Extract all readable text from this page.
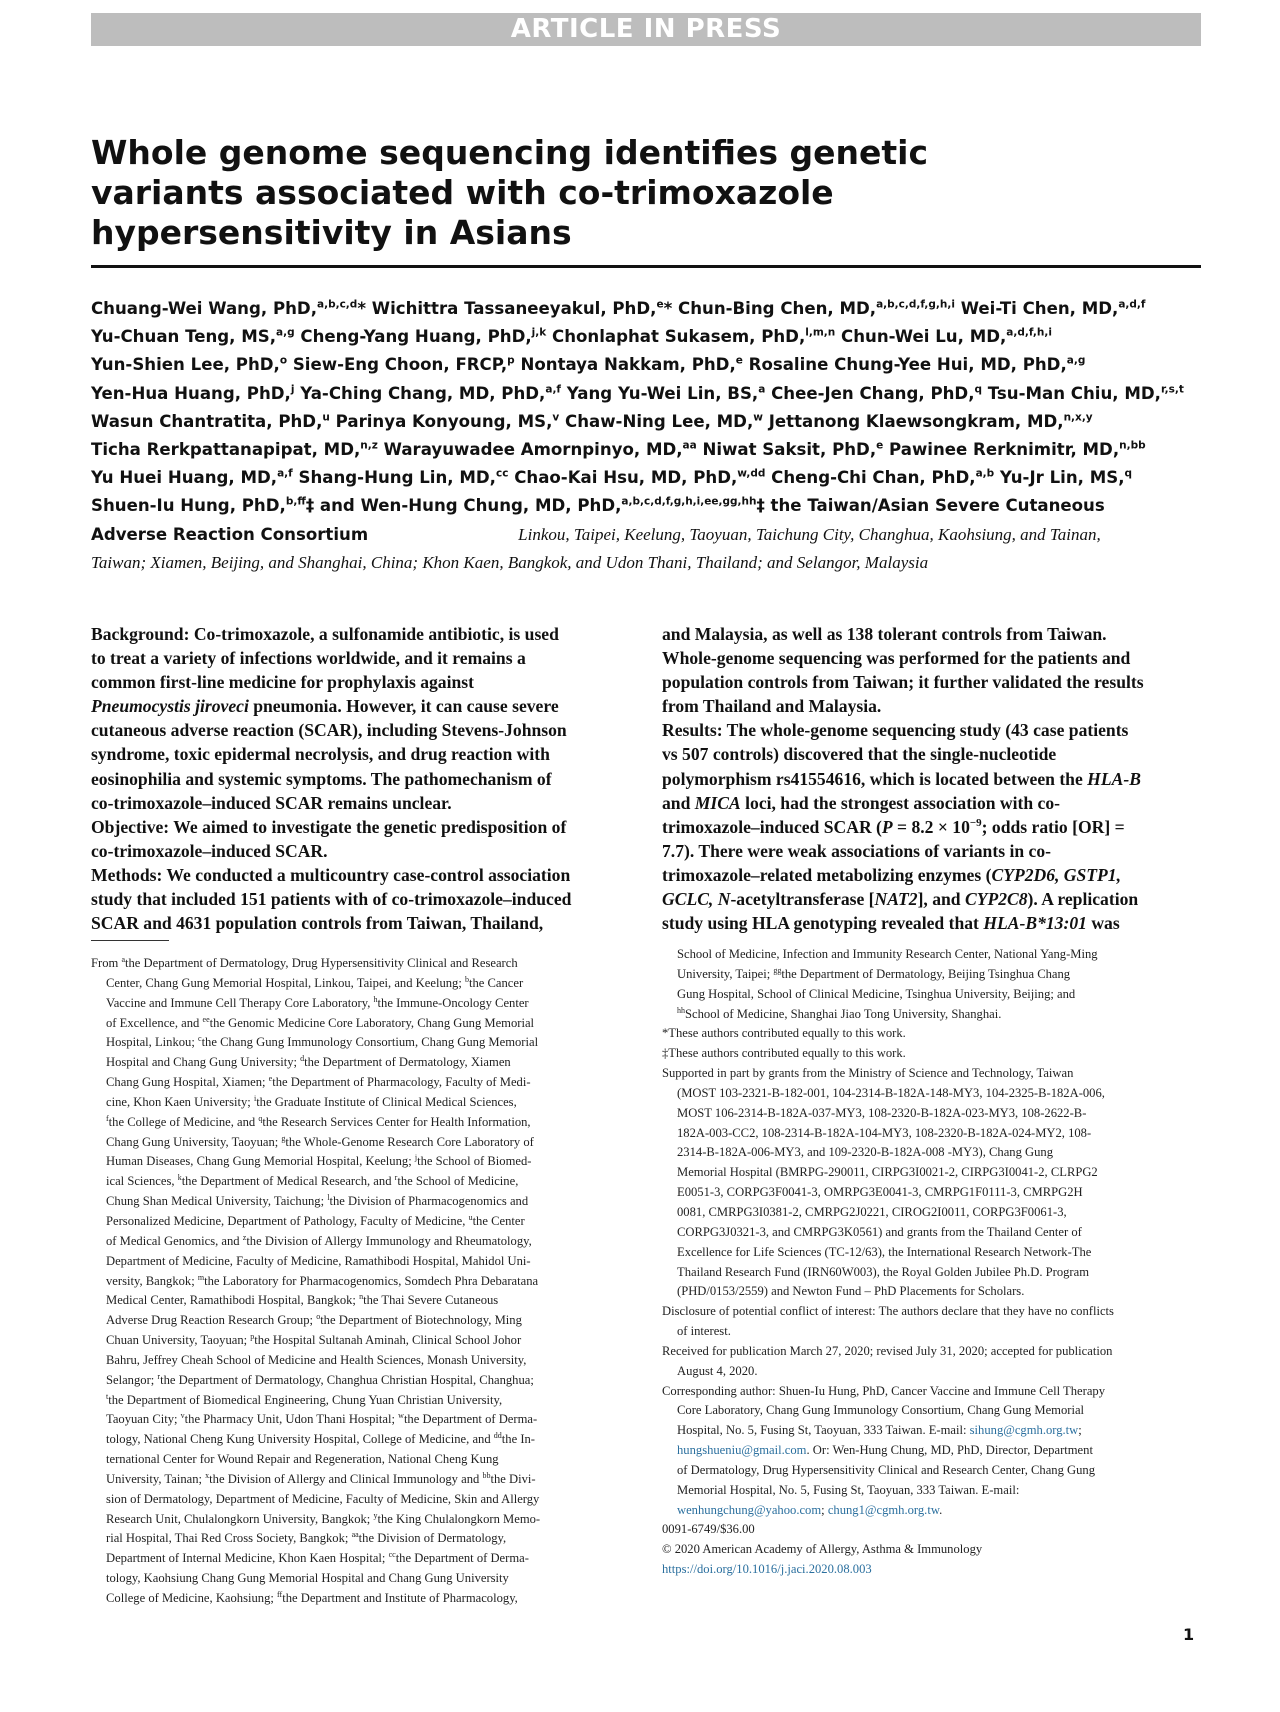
ARTICLE IN PRESS
Whole genome sequencing identifies genetic
variants associated with co-trimoxazole
hypersensitivity in Asians
Chuang-Wei Wang, PhD,$^{a,b,c,d}$* Wichittra Tassaneeyakul, PhD,$^e$* Chun-Bing Chen, MD,$^{a,b,c,d,f,g,h,i}$ Wei-Ti Chen, MD,$^{a,d,f}$
Yu-Chuan Teng, MS,$^{a,g}$ Cheng-Yang Huang, PhD,$^{j,k}$ Chonlaphat Sukasem, PhD,$^{l,m,n}$ Chun-Wei Lu, MD,$^{a,d,f,h,i}$
Yun-Shien Lee, PhD,$^o$ Siew-Eng Choon, FRCP,$^p$ Nontaya Nakkam, PhD,$^e$ Rosaline Chung-Yee Hui, MD, PhD,$^{a,g}$
Yen-Hua Huang, PhD,$^j$ Ya-Ching Chang, MD, PhD,$^{a,f}$ Yang Yu-Wei Lin, BS,$^a$ Chee-Jen Chang, PhD,$^q$ Tsu-Man Chiu, MD,$^{r,s,t}$
Wasun Chantratita, PhD,$^u$ Parinya Konyoung, MS,$^v$ Chaw-Ning Lee, MD,$^w$ Jettanong Klaewsongkram, MD,$^{n,x,y}$
Ticha Rerkpattanapipat, MD,$^{n,z}$ Warayuwadee Amornpinyo, MD,$^{aa}$ Niwat Saksit, PhD,$^e$ Pawinee Rerknimitr, MD,$^{n,bb}$
Yu Huei Huang, MD,$^{a,f}$ Shang-Hung Lin, MD,$^{cc}$ Chao-Kai Hsu, MD, PhD,$^{w,dd}$ Cheng-Chi Chan, PhD,$^{a,b}$ Yu-Jr Lin, MS,$^q$
Shuen-Iu Hung, PhD,$^{b,ff}$‡ and Wen-Hung Chung, MD, PhD,$^{a,b,c,d,f,g,h,i,ee,gg,hh}$‡ the Taiwan/Asian Severe Cutaneous
Adverse Reaction Consortium	Linkou, Taipei, Keelung, Taoyuan, Taichung City, Changhua, Kaohsiung, and Tainan,
Taiwan; Xiamen, Beijing, and Shanghai, China; Khon Kaen, Bangkok, and Udon Thani, Thailand; and Selangor, Malaysia
Background: Co-trimoxazole, a sulfonamide antibiotic, is used
to treat a variety of infections worldwide, and it remains a
common first-line medicine for prophylaxis against
Pneumocystis jiroveci pneumonia. However, it can cause severe
cutaneous adverse reaction (SCAR), including Stevens-Johnson
syndrome, toxic epidermal necrolysis, and drug reaction with
eosinophilia and systemic symptoms. The pathomechanism of
co-trimoxazole–induced SCAR remains unclear.
Objective: We aimed to investigate the genetic predisposition of
co-trimoxazole–induced SCAR.
Methods: We conducted a multicountry case-control association
study that included 151 patients with of co-trimoxazole–induced
SCAR and 4631 population controls from Taiwan, Thailand,
and Malaysia, as well as 138 tolerant controls from Taiwan.
Whole-genome sequencing was performed for the patients and
population controls from Taiwan; it further validated the results
from Thailand and Malaysia.
Results: The whole-genome sequencing study (43 case patients
vs 507 controls) discovered that the single-nucleotide
polymorphism rs41554616, which is located between the HLA-B
and MICA loci, had the strongest association with co-
trimoxazole–induced SCAR ($P = 8.2 \times 10^{-9}$; odds ratio [OR] =
7.7). There were weak associations of variants in co-
trimoxazole–related metabolizing enzymes (CYP2D6, GSTP1,
GCLC, N-acetyltransferase [NAT2], and CYP2C8). A replication
study using HLA genotyping revealed that HLA-B*13:01 was
From $^a$the Department of Dermatology, Drug Hypersensitivity Clinical and Research
Center, Chang Gung Memorial Hospital, Linkou, Taipei, and Keelung; $^b$the Cancer
Vaccine and Immune Cell Therapy Core Laboratory, $^h$the Immune-Oncology Center
of Excellence, and $^{ee}$the Genomic Medicine Core Laboratory, Chang Gung Memorial
Hospital, Linkou; $^c$the Chang Gung Immunology Consortium, Chang Gung Memorial
Hospital and Chang Gung University; $^d$the Department of Dermatology, Xiamen
Chang Gung Hospital, Xiamen; $^e$the Department of Pharmacology, Faculty of Medi-
cine, Khon Kaen University; $^i$the Graduate Institute of Clinical Medical Sciences,
$^f$the College of Medicine, and $^q$the Research Services Center for Health Information,
Chang Gung University, Taoyuan; $^g$the Whole-Genome Research Core Laboratory of
Human Diseases, Chang Gung Memorial Hospital, Keelung; $^j$the School of Biomed-
ical Sciences, $^k$the Department of Medical Research, and $^r$the School of Medicine,
Chung Shan Medical University, Taichung; $^l$the Division of Pharmacogenomics and
Personalized Medicine, Department of Pathology, Faculty of Medicine, $^u$the Center
of Medical Genomics, and $^z$the Division of Allergy Immunology and Rheumatology,
Department of Medicine, Faculty of Medicine, Ramathibodi Hospital, Mahidol Uni-
versity, Bangkok; $^m$the Laboratory for Pharmacogenomics, Somdech Phra Debaratana
Medical Center, Ramathibodi Hospital, Bangkok; $^n$the Thai Severe Cutaneous
Adverse Drug Reaction Research Group; $^o$the Department of Biotechnology, Ming
Chuan University, Taoyuan; $^p$the Hospital Sultanah Aminah, Clinical School Johor
Bahru, Jeffrey Cheah School of Medicine and Health Sciences, Monash University,
Selangor; $^r$the Department of Dermatology, Changhua Christian Hospital, Changhua;
$^t$the Department of Biomedical Engineering, Chung Yuan Christian University,
Taoyuan City; $^v$the Pharmacy Unit, Udon Thani Hospital; $^w$the Department of Derma-
tology, National Cheng Kung University Hospital, College of Medicine, and $^{dd}$the In-
ternational Center for Wound Repair and Regeneration, National Cheng Kung
University, Tainan; $^x$the Division of Allergy and Clinical Immunology and $^{bb}$the Divi-
sion of Dermatology, Department of Medicine, Faculty of Medicine, Skin and Allergy
Research Unit, Chulalongkorn University, Bangkok; $^y$the King Chulalongkorn Memo-
rial Hospital, Thai Red Cross Society, Bangkok; $^{aa}$the Division of Dermatology,
Department of Internal Medicine, Khon Kaen Hospital; $^{cc}$the Department of Derma-
tology, Kaohsiung Chang Gung Memorial Hospital and Chang Gung University
College of Medicine, Kaohsiung; $^{ff}$the Department and Institute of Pharmacology,
School of Medicine, Infection and Immunity Research Center, National Yang-Ming
University, Taipei; $^{gg}$the Department of Dermatology, Beijing Tsinghua Chang
Gung Hospital, School of Clinical Medicine, Tsinghua University, Beijing; and
$^{hh}$School of Medicine, Shanghai Jiao Tong University, Shanghai.
*These authors contributed equally to this work.
‡These authors contributed equally to this work.
Supported in part by grants from the Ministry of Science and Technology, Taiwan
(MOST 103-2321-B-182-001, 104-2314-B-182A-148-MY3, 104-2325-B-182A-006,
MOST 106-2314-B-182A-037-MY3, 108-2320-B-182A-023-MY3, 108-2622-B-
182A-003-CC2, 108-2314-B-182A-104-MY3, 108-2320-B-182A-024-MY2, 108-
2314-B-182A-006-MY3, and 109-2320-B-182A-008 -MY3), Chang Gung
Memorial Hospital (BMRPG-290011, CIRPG3I0021-2, CIRPG3I0041-2, CLRPG2
E0051-3, CORPG3F0041-3, OMRPG3E0041-3, CMRPG1F0111-3, CMRPG2H
0081, CMRPG3I0381-2, CMRPG2J0221, CIROG2I0011, CORPG3F0061-3,
CORPG3J0321-3, and CMRPG3K0561) and grants from the Thailand Center of
Excellence for Life Sciences (TC-12/63), the International Research Network-The
Thailand Research Fund (IRN60W003), the Royal Golden Jubilee Ph.D. Program
(PHD/0153/2559) and Newton Fund – PhD Placements for Scholars.
Disclosure of potential conflict of interest: The authors declare that they have no conflicts
of interest.
Received for publication March 27, 2020; revised July 31, 2020; accepted for publication
August 4, 2020.
Corresponding author: Shuen-Iu Hung, PhD, Cancer Vaccine and Immune Cell Therapy
Core Laboratory, Chang Gung Immunology Consortium, Chang Gung Memorial
Hospital, No. 5, Fusing St, Taoyuan, 333 Taiwan. E-mail: sihung@cgmh.org.tw;
hungshueniu@gmail.com. Or: Wen-Hung Chung, MD, PhD, Director, Department
of Dermatology, Drug Hypersensitivity Clinical and Research Center, Chang Gung
Memorial Hospital, No. 5, Fusing St, Taoyuan, 333 Taiwan. E-mail:
wenhungchung@yahoo.com; chung1@cgmh.org.tw.
0091-6749/$36.00
© 2020 American Academy of Allergy, Asthma & Immunology
https://doi.org/10.1016/j.jaci.2020.08.003
1
